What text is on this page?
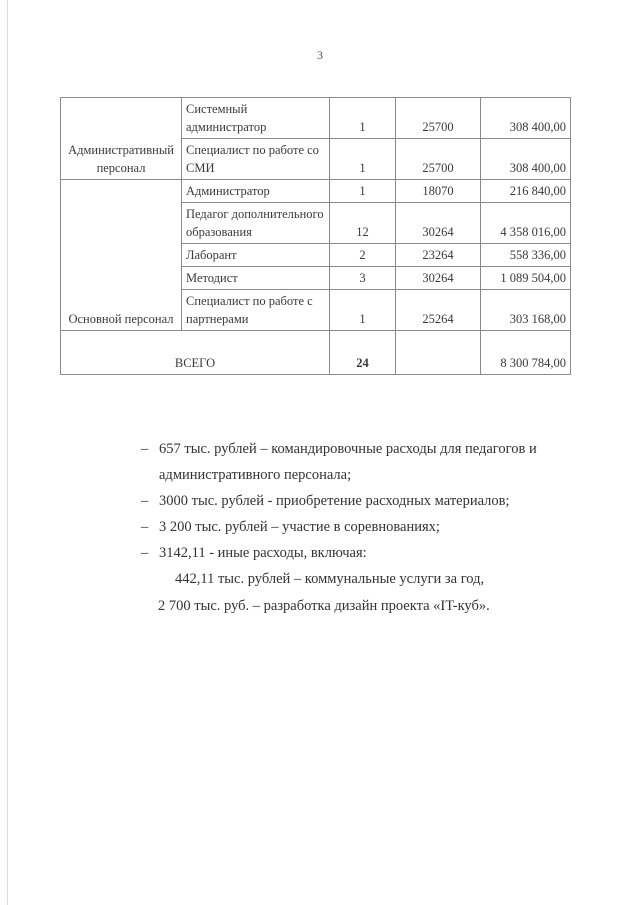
3
Административный персонал	Системный администратор	1	25700	308 400,00
	Специалист по работе со СМИ	1	25700	308 400,00
Основной персонал	Администратор	1	18070	216 840,00
	Педагог дополнительного образования	12	30264	4 358 016,00
	Лаборант	2	23264	558 336,00
	Методист	3	30264	1 089 504,00
	Специалист по работе с партнерами	1	25264	303 168,00
ВСЕГО		24		8 300 784,00
– 657 тыс. рублей – командировочные расходы для педагогов и административного персонала;
– 3000 тыс. рублей - приобретение расходных материалов;
– 3 200 тыс. рублей – участие в соревнованиях;
– 3142,11 - иные расходы, включая:
442,11 тыс. рублей – коммунальные услуги за год,
2 700 тыс. руб. – разработка дизайн проекта «IT-куб».
